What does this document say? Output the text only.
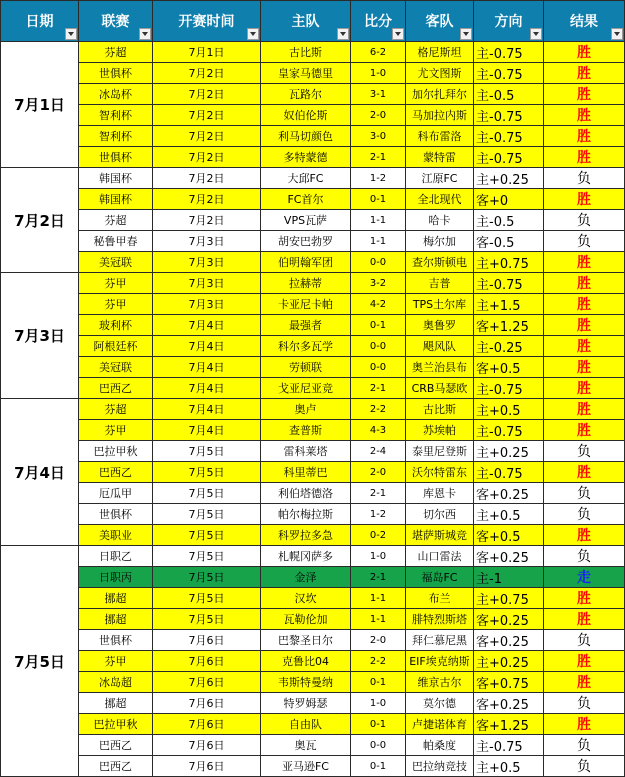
日期	联赛	开赛时间	主队	比分	客队	方向	结果

7月1日	芬超	7月1日	古比斯	6-2	格尼斯坦	主-0.75	胜
	世俱杯	7月2日	皇家马德里	1-0	尤文图斯	主-0.75	胜
	冰岛杯	7月2日	瓦路尔	3-1	加尔扎拜尔	主-0.5	胜
	智利杯	7月2日	奴伯伦斯	2-0	马加拉内斯	主-0.75	胜
	智利杯	7月2日	利马切颜色	3-0	科布雷洛	主-0.75	胜
	世俱杯	7月2日	多特蒙德	2-1	蒙特雷	主-0.75	胜
7月2日	韩国杯	7月2日	大邱FC	1-2	江原FC	主+0.25	负
	韩国杯	7月2日	FC首尔	0-1	全北现代	客+0	胜
	芬超	7月2日	VPS瓦萨	1-1	哈卡	主-0.5	负
	秘鲁甲春	7月3日	胡安巴勃罗	1-1	梅尔加	客-0.5	负
	美冠联	7月3日	伯明翰军团	0-0	查尔斯顿电	主+0.75	胜
7月3日	芬甲	7月3日	拉赫蒂	3-2	吉普	主-0.75	胜
	芬甲	7月3日	卡亚尼卡帕	4-2	TPS土尔库	主+1.5	胜
	玻利杯	7月4日	最强者	0-1	奥鲁罗	客+1.25	胜
	阿根廷杯	7月4日	科尔多瓦学	0-0	飓风队	主-0.25	胜
	美冠联	7月4日	劳顿联	0-0	奥兰治县布	客+0.5	胜
	巴西乙	7月4日	戈亚尼亚竞	2-1	CRB马瑟欧	主-0.75	胜
7月4日	芬超	7月4日	奥卢	2-2	古比斯	主+0.5	胜
	芬甲	7月4日	查普斯	4-3	苏埃帕	主-0.75	胜
	巴拉甲秋	7月5日	雷科莱塔	2-4	泰里尼登斯	主+0.25	负
	巴西乙	7月5日	科里蒂巴	2-0	沃尔特雷东	主-0.75	胜
	厄瓜甲	7月5日	利伯塔德洛	2-1	库恩卡	客+0.25	负
	世俱杯	7月5日	帕尔梅拉斯	1-2	切尔西	主+0.5	负
	美职业	7月5日	科罗拉多急	0-2	堪萨斯城竞	客+0.5	胜
7月5日	日职乙	7月5日	札幌冈萨多	1-0	山口雷法	客+0.25	负
	日职丙	7月5日	金泽	2-1	福岛FC	主-1	走
	挪超	7月5日	汉坎	1-1	布兰	主+0.75	胜
	挪超	7月5日	瓦勒伦加	1-1	腓特烈斯塔	客+0.25	胜
	世俱杯	7月6日	巴黎圣日尔	2-0	拜仁慕尼黑	客+0.25	负
	芬甲	7月6日	克鲁比04	2-2	EIF埃克纳斯	主+0.25	胜
	冰岛超	7月6日	韦斯特曼纳	0-1	维京古尔	客+0.75	胜
	挪超	7月6日	特罗姆瑟	1-0	莫尔德	客+0.25	负
	巴拉甲秋	7月6日	自由队	0-1	卢捷诺体育	客+1.25	胜
	巴西乙	7月6日	奥瓦	0-0	帕桑度	主-0.75	负
	巴西乙	7月6日	亚马逊FC	0-1	巴拉纳竞技	主+0.5	负
